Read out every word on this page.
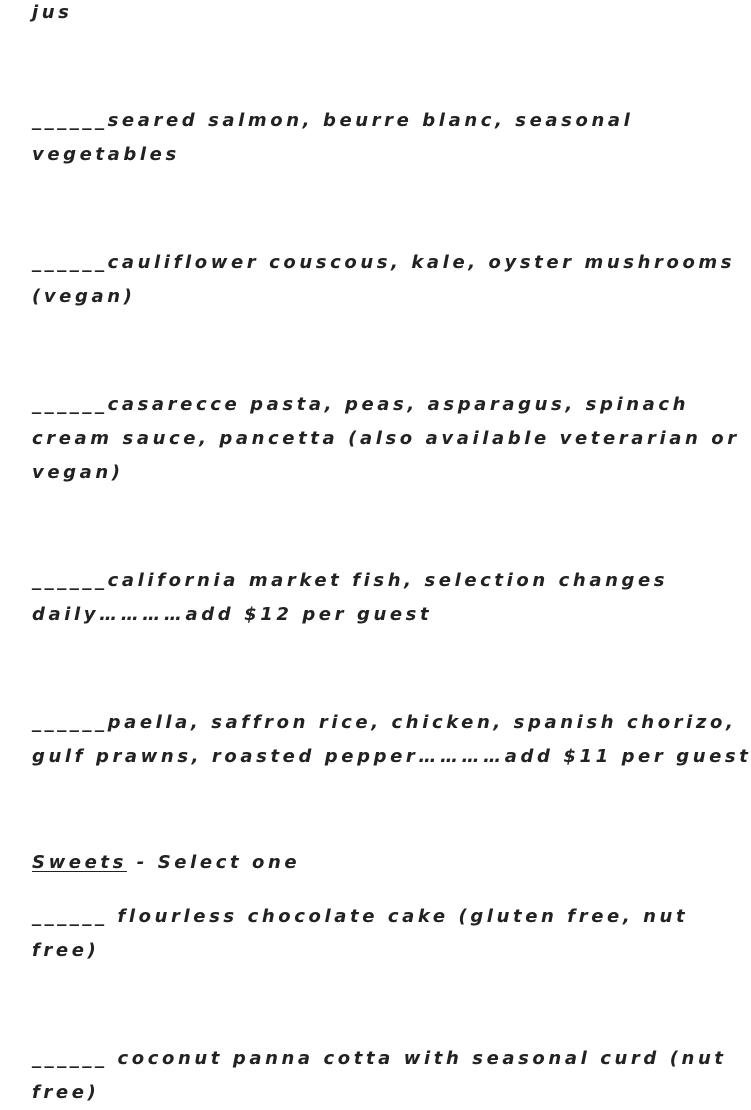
jus
______seared salmon, beurre blanc, seasonal
vegetables
______cauliflower couscous, kale, oyster mushrooms
(vegan)
______casarecce pasta, peas, asparagus, spinach
cream sauce, pancetta (also available veterarian or
vegan)
______california market fish, selection changes
daily…………add $12 per guest
______paella, saffron rice, chicken, spanish chorizo,
gulf prawns, roasted pepper…………add $11 per guest
Sweets - Select one
______ flourless chocolate cake (gluten free, nut
free)
______ coconut panna cotta with seasonal curd (nut
free)
